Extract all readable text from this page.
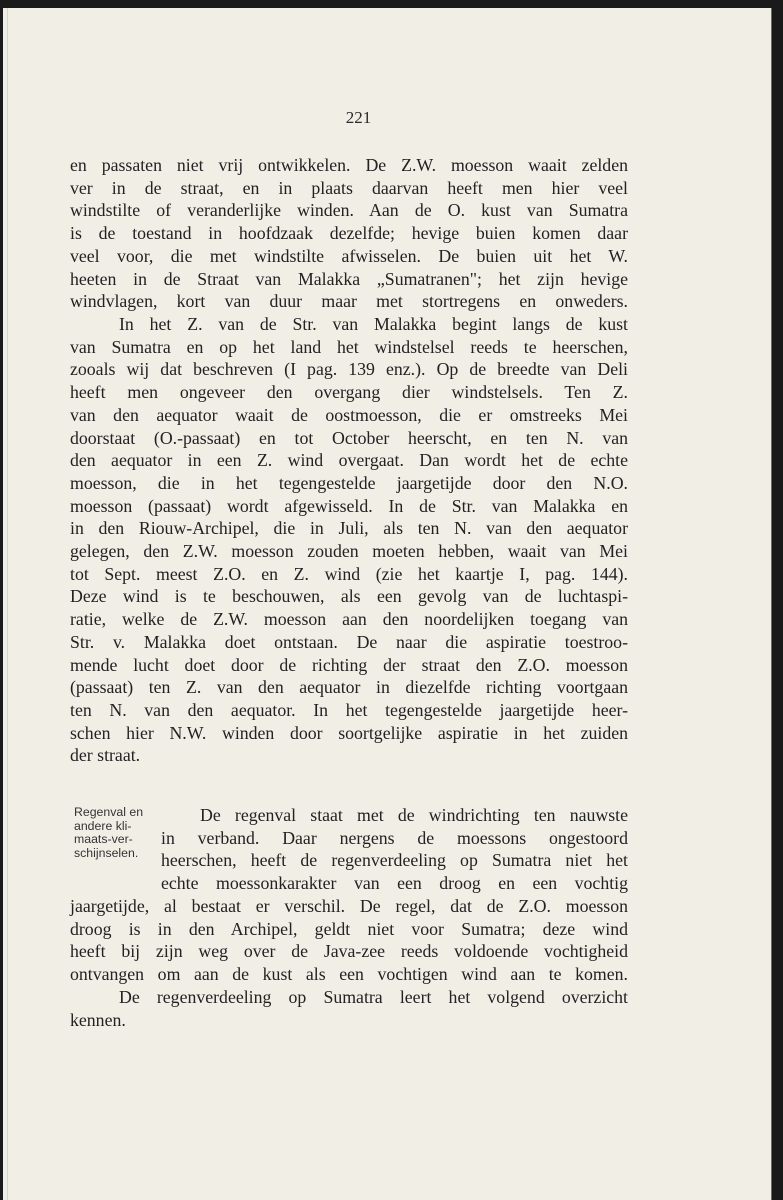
221
en passaten niet vrij ontwikkelen. De Z.W. moesson waait zelden
ver in de straat, en in plaats daarvan heeft men hier veel
windstilte of veranderlijke winden. Aan de O. kust van Sumatra
is de toestand in hoofdzaak dezelfde; hevige buien komen daar
veel voor, die met windstilte afwisselen. De buien uit het W.
heeten in de Straat van Malakka „Sumatranen"; het zijn hevige
windvlagen, kort van duur maar met stortregens en onweders.
In het Z. van de Str. van Malakka begint langs de kust
van Sumatra en op het land het windstelsel reeds te heerschen,
zooals wij dat beschreven (I pag. 139 enz.). Op de breedte van Deli
heeft men ongeveer den overgang dier windstelsels. Ten Z.
van den aequator waait de oostmoesson, die er omstreeks Mei
doorstaat (O.-passaat) en tot October heerscht, en ten N. van
den aequator in een Z. wind overgaat. Dan wordt het de echte
moesson, die in het tegengestelde jaargetijde door den N.O.
moesson (passaat) wordt afgewisseld. In de Str. van Malakka en
in den Riouw-Archipel, die in Juli, als ten N. van den aequator
gelegen, den Z.W. moesson zouden moeten hebben, waait van Mei
tot Sept. meest Z.O. en Z. wind (zie het kaartje I, pag. 144).
Deze wind is te beschouwen, als een gevolg van de luchtaspi-
ratie, welke de Z.W. moesson aan den noordelijken toegang van
Str. v. Malakka doet ontstaan. De naar die aspiratie toestroo-
mende lucht doet door de richting der straat den Z.O. moesson
(passaat) ten Z. van den aequator in diezelfde richting voortgaan
ten N. van den aequator. In het tegengestelde jaargetijde heer-
schen hier N.W. winden door soortgelijke aspiratie in het zuiden
der straat.
Regenval en
andere kli-
maats-ver-
schijnselen.
De regenval staat met de windrichting ten nauwste
in verband. Daar nergens de moessons ongestoord
heerschen, heeft de regenverdeeling op Sumatra niet het
echte moessonkarakter van een droog en een vochtig
jaargetijde, al bestaat er verschil. De regel, dat de Z.O. moesson
droog is in den Archipel, geldt niet voor Sumatra; deze wind
heeft bij zijn weg over de Java-zee reeds voldoende vochtigheid
ontvangen om aan de kust als een vochtigen wind aan te komen.
De regenverdeeling op Sumatra leert het volgend overzicht
kennen.
